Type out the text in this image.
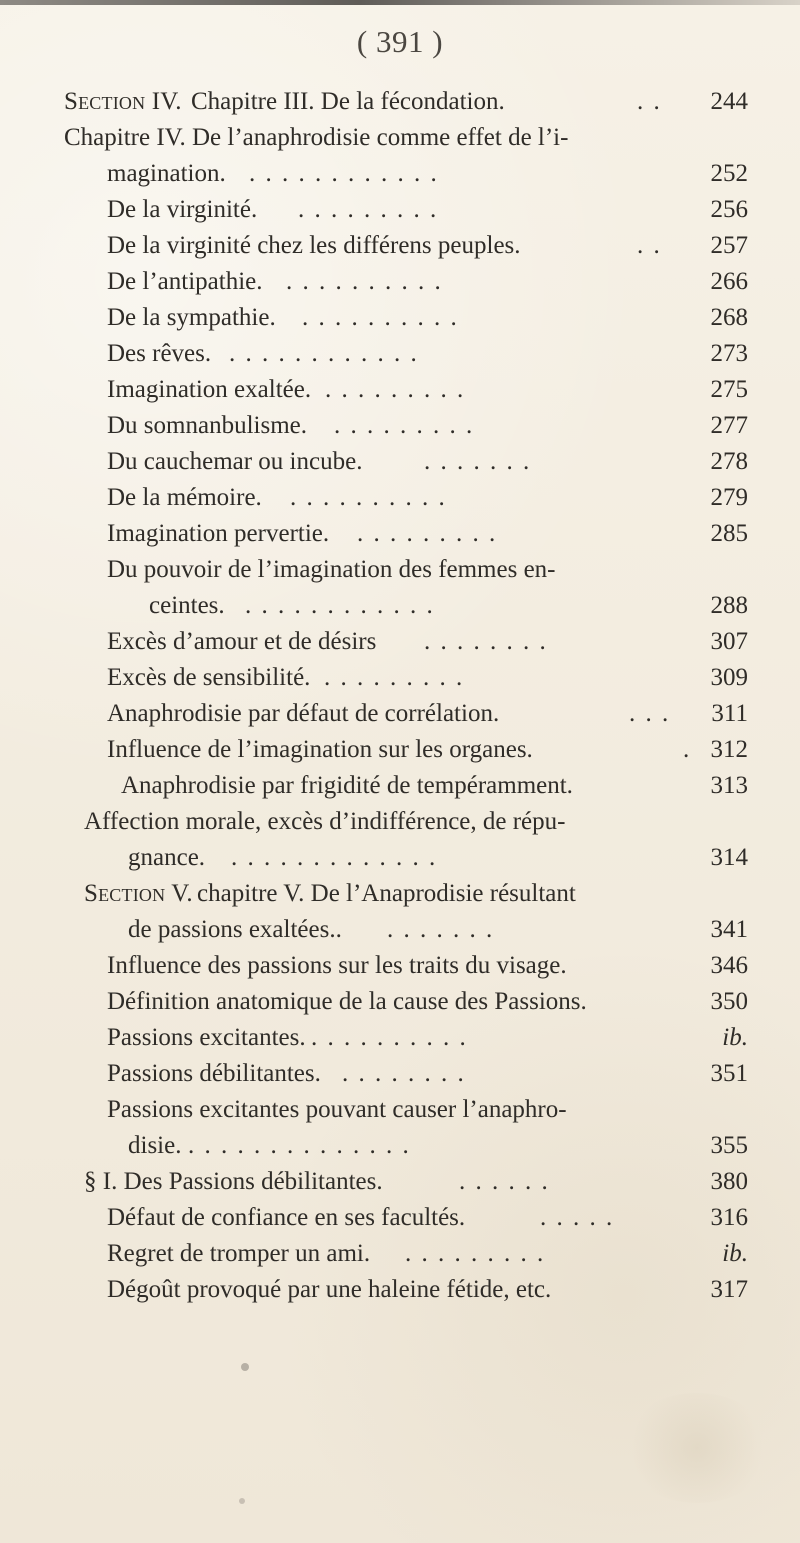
( 391 )
Section IV. Chapitre III. De la fécondation.	. . 244
Chapitre IV. De l’anaphrodisie comme effet de l’i-
magination. . . . . . . . . . . . .	252
De la virginité. . . . . . . . . .	256
De la virginité chez les différens peuples.	. . 257
De l’antipathie. . . . . . . . . . .	266
De la sympathie. . . . . . . . . . .	268
Des rêves. . . . . . . . . . . . .	273
Imagination exaltée. . . . . . . . . .	275
Du somnanbulisme. . . . . . . . . .	277
Du cauchemar ou incube. . . . . . . .	278
De la mémoire. . . . . . . . . . .	279
Imagination pervertie. . . . . . . . . .	285
Du pouvoir de l’imagination des femmes en-
ceintes. . . . . . . . . . . . .	288
Excès d’amour et de désirs . . . . . . . .	307
Excès de sensibilité. . . . . . . . . .	309
Anaphrodisie par défaut de corrélation.	. . . 311
Influence de l’imagination sur les organes.	. 312
Anaphrodisie par frigidité de tempéramment.	313
Affection morale, excès d’indifférence, de répu-
gnance. . . . . . . . . . . . . .	314
Section V. chapitre V. De l’Anaprodisie résultant
de passions exaltées.. . . . . . . .	341
Influence des passions sur les traits du visage.	346
Définition anatomique de la cause des Passions.	350
Passions excitantes. . . . . . . . . . .	ib.
Passions débilitantes. . . . . . . . .	351
Passions excitantes pouvant causer l’anaphro-
disie. . . . . . . . . . . . . . .	355
§ I. Des Passions débilitantes.	. . . . . .	380
Défaut de confiance en ses facultés.	. . . . .	316
Regret de tromper un ami. . . . . . . . . .	ib.
Dégoût provoqué par une haleine fétide, etc.	317
